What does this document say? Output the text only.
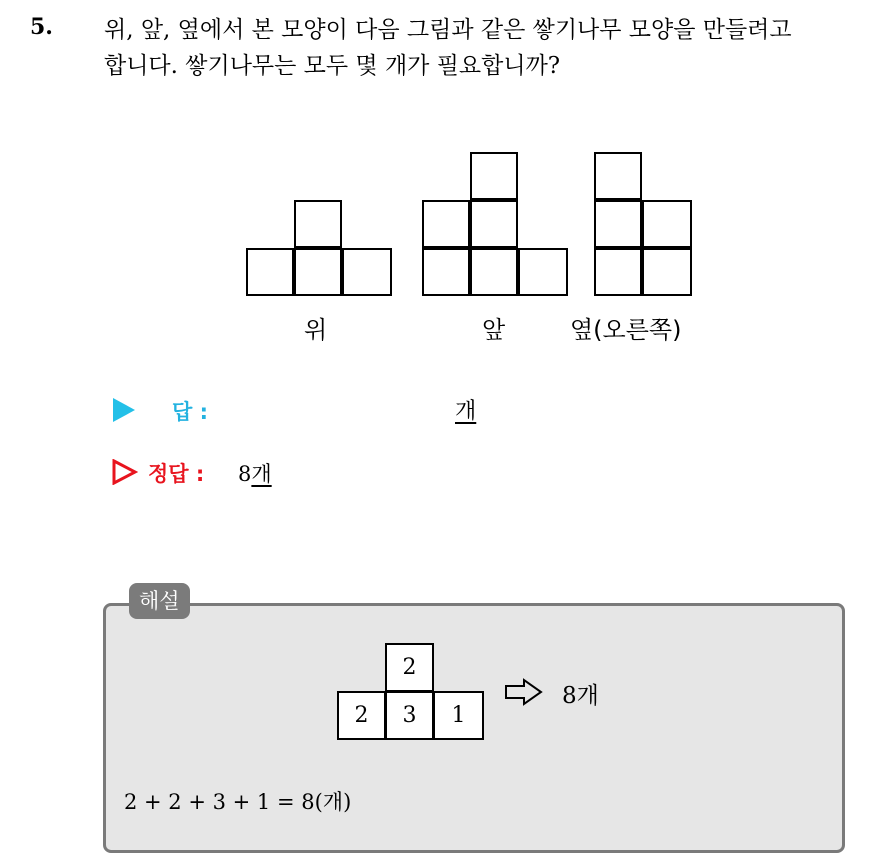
5. 위, 앞, 옆에서 본 모양이 다음 그림과 같은 쌓기나무 모양을 만들려고
합니다. 쌓기나무는 모두 몇 개가 필요합니까?
위	앞	옆(오른쪽)
답 :	개
정답 : 8개
해설
2
2	3	1
8개
2 + 2 + 3 + 1 = 8(개)
